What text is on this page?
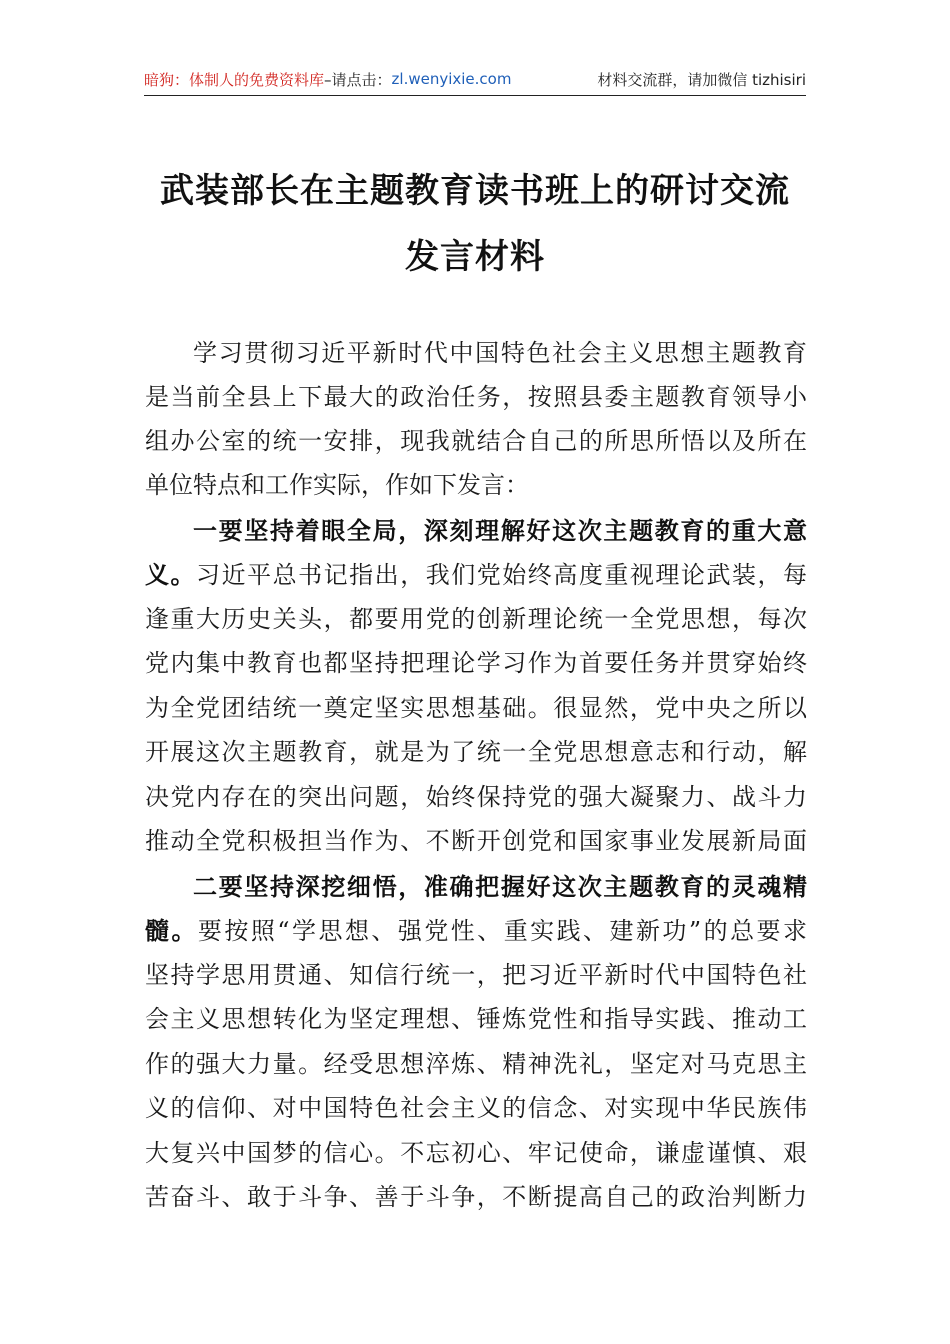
暗狗：体制人的免费资料库 –请点击： zl.wenyixie.com	材料交流群，请加微信 tizhisiri
武装部长在主题教育读书班上的研讨交流
发言材料
学习贯彻习近平新时代中国特色社会主义思想主题教育
是当前全县上下最大的政治任务，按照县委主题教育领导小
组办公室的统一安排，现我就结合自己的所思所悟以及所在
单位特点和工作实际，作如下发言：
一要坚持着眼全局，深刻理解好这次主题教育的重大意
义。习近平总书记指出，我们党始终高度重视理论武装，每
逢重大历史关头，都要用党的创新理论统一全党思想，每次
党内集中教育也都坚持把理论学习作为首要任务并贯穿始终
为全党团结统一奠定坚实思想基础。很显然，党中央之所以
开展这次主题教育，就是为了统一全党思想意志和行动，解
决党内存在的突出问题，始终保持党的强大凝聚力、战斗力
推动全党积极担当作为、不断开创党和国家事业发展新局面
二要坚持深挖细悟，准确把握好这次主题教育的灵魂精
髓。要按照“学思想、强党性、重实践、建新功”的总要求
坚持学思用贯通、知信行统一，把习近平新时代中国特色社
会主义思想转化为坚定理想、锤炼党性和指导实践、推动工
作的强大力量。经受思想淬炼、精神洗礼，坚定对马克思主
义的信仰、对中国特色社会主义的信念、对实现中华民族伟
大复兴中国梦的信心。不忘初心、牢记使命，谦虚谨慎、艰
苦奋斗、敢于斗争、善于斗争，不断提高自己的政治判断力
